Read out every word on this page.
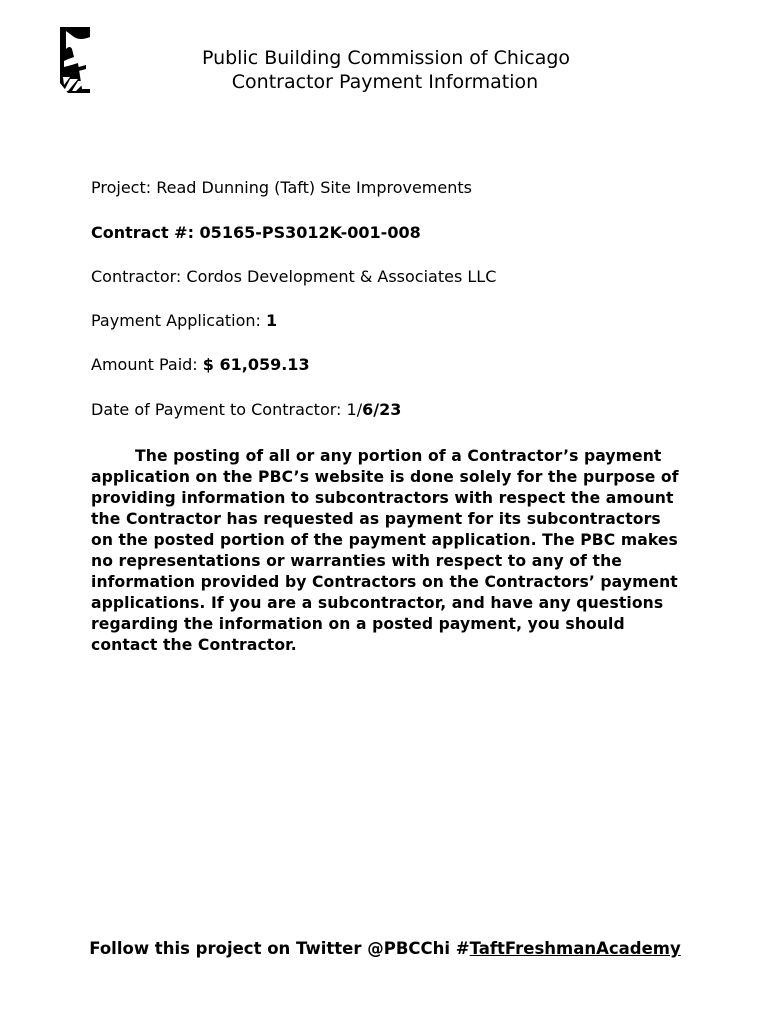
Public Building Commission of Chicago
Contractor Payment Information
Project: Read Dunning (Taft) Site Improvements
Contract #: 05165-PS3012K-001-008
Contractor: Cordos Development & Associates LLC
Payment Application: 1
Amount Paid: $ 61,059.13
Date of Payment to Contractor: 1/6/23
The posting of all or any portion of a Contractor’s payment application on the PBC’s website is done solely for the purpose of providing information to subcontractors with respect the amount the Contractor has requested as payment for its subcontractors on the posted portion of the payment application. The PBC makes no representations or warranties with respect to any of the information provided by Contractors on the Contractors’ payment applications. If you are a subcontractor, and have any questions regarding the information on a posted payment, you should contact the Contractor.
Follow this project on Twitter @PBCChi #TaftFreshmanAcademy
